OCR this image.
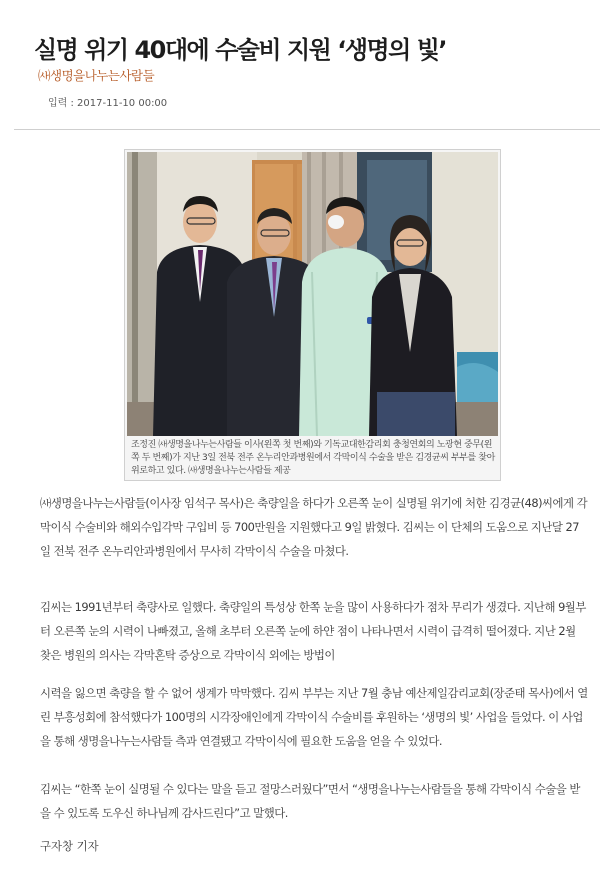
실명 위기 40대에 수술비 지원 ‘생명의 빛’
㈔생명을나누는사람들
입력 : 2017-11-10 00:00
조정진 ㈔생명을나누는사람들 이사(왼쪽 첫 번째)와 기독교대한감리회 충청연회의 노광현 중무(왼쪽 두 번째)가 지난 3일 전북 전주 온누리안과병원에서 각막이식 수술을 받은 김경균씨 부부를 찾아 위로하고 있다. ㈔생명을나누는사람들 제공
㈔생명을나누는사람들(이사장 임석구 목사)은 축량일을 하다가 오른쪽 눈이 실명될 위기에 처한 김경균(48)씨에게 각막이식 수술비와 해외수입각막 구입비 등 700만원을 지원했다고 9일 밝혔다. 김씨는 이 단체의 도움으로 지난달 27일 전북 전주 온누리안과병원에서 무사히 각막이식 수술을 마쳤다.
김씨는 1991년부터 축량사로 일했다. 축량일의 특성상 한쪽 눈을 많이 사용하다가 점차 무리가 생겼다. 지난해 9월부터 오른쪽 눈의 시력이 나빠졌고, 올해 초부터 오른쪽 눈에 하얀 점이 나타나면서 시력이 급격히 떨어졌다. 지난 2월 찾은 병원의 의사는 각막혼탁 증상으로 각막이식 외에는 방법이
시력을 잃으면 축량을 할 수 없어 생계가 막막했다. 김씨 부부는 지난 7월 충남 예산제일감리교회(장준태 목사)에서 열린 부흥성회에 참석했다가 100명의 시각장애인에게 각막이식 수술비를 후원하는 ‘생명의 빛’ 사업을 들었다. 이 사업을 통해 생명을나누는사람들 측과 연결됐고 각막이식에 필요한 도움을 얻을 수 있었다.
김씨는 “한쪽 눈이 실명될 수 있다는 말을 듣고 절망스러웠다”면서 “생명을나누는사람들을 통해 각막이식 수술을 받을 수 있도록 도우신 하나님께 감사드린다”고 말했다.
구자창 기자
